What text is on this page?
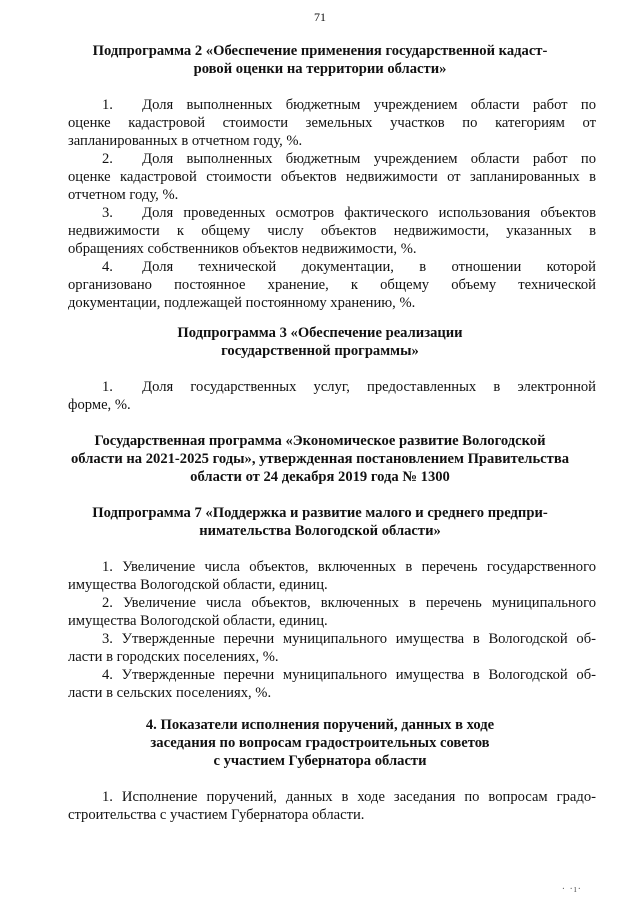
71
Подпрограмма 2 «Обеспечение применения государственной кадаст-
ровой оценки на территории области»
1.  Доля выполненных бюджетным учреждением области работ по
оценке кадастровой стоимости земельных участков по категориям от
запланированных в отчетном году, %.
2.  Доля выполненных бюджетным учреждением области работ по
оценке кадастровой стоимости объектов недвижимости от запланированных в
отчетном году, %.
3.  Доля проведенных осмотров фактического использования объектов
недвижимости к общему числу объектов недвижимости, указанных в
обращениях собственников объектов недвижимости, %.
4.  Доля технической документации, в отношении которой
организовано постоянное хранение, к общему объему технической
документации, подлежащей постоянному хранению, %.
Подпрограмма 3 «Обеспечение реализации
государственной программы»
1.  Доля государственных услуг, предоставленных в электронной
форме, %.
Государственная программа «Экономическое развитие Вологодской
области на 2021-2025 годы», утвержденная постановлением Правительства
области от 24 декабря 2019 года № 1300
Подпрограмма 7 «Поддержка и развитие малого и среднего предпри-
нимательства Вологодской области»
1. Увеличение числа объектов, включенных в перечень государственного
имущества Вологодской области, единиц.
2. Увеличение числа объектов, включенных в перечень муниципального
имущества Вологодской области, единиц.
3. Утвержденные перечни муниципального имущества в Вологодской об-
ласти в городских поселениях, %.
4. Утвержденные перечни муниципального имущества в Вологодской об-
ласти в сельских поселениях, %.
4. Показатели исполнения поручений, данных в ходе
заседания по вопросам градостроительных советов
с участием Губернатора области
1. Исполнение поручений, данных в ходе заседания по вопросам градо-
строительства с участием Губернатора области.
· ·ı·
